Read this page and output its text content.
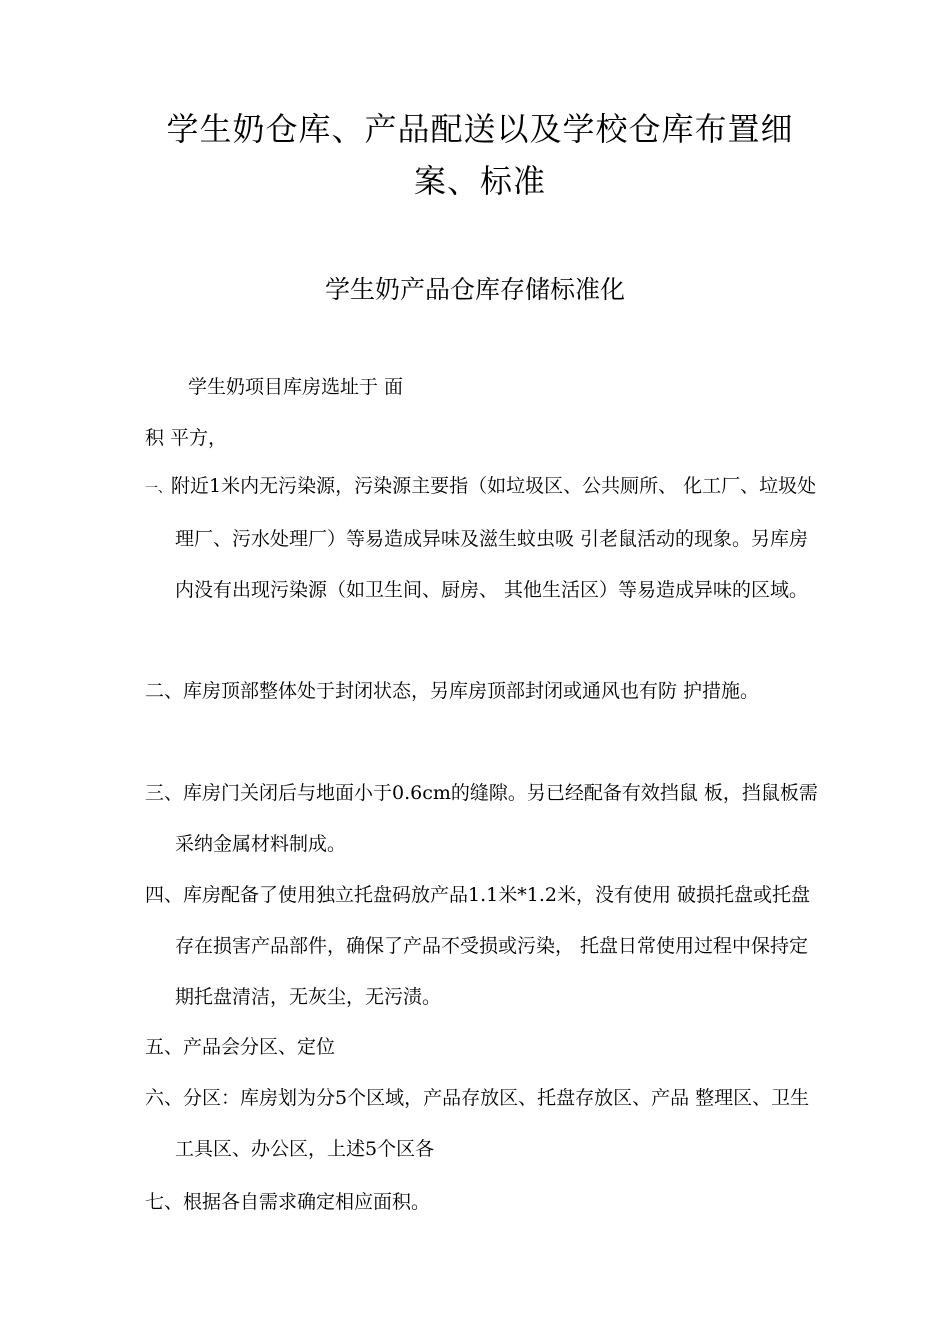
学生奶仓库、产品配送以及学校仓库布置细案、标准
学生奶产品仓库存储标准化
学生奶项目库房选址于 面
积 平方，
一、附近1米内无污染源，污染源主要指（如垃圾区、公共厕所、 化工厂、垃圾处理厂、污水处理厂）等易造成异味及滋生蚊虫吸 引老鼠活动的现象。另库房内没有出现污染源（如卫生间、厨房、 其他生活区）等易造成异味的区域。
二、库房顶部整体处于封闭状态，另库房顶部封闭或通风也有防 护措施。
三、库房门关闭后与地面小于0.6cm的缝隙。另已经配备有效挡鼠 板，挡鼠板需采纳金属材料制成。
四、库房配备了使用独立托盘码放产品1.1米*1.2米，没有使用 破损托盘或托盘存在损害产品部件，确保了产品不受损或污染， 托盘日常使用过程中保持定期托盘清洁，无灰尘，无污渍。
五、产品会分区、定位
六、分区：库房划为分5个区域，产品存放区、托盘存放区、产品 整理区、卫生工具区、办公区，上述5个区各
七、根据各自需求确定相应面积。
